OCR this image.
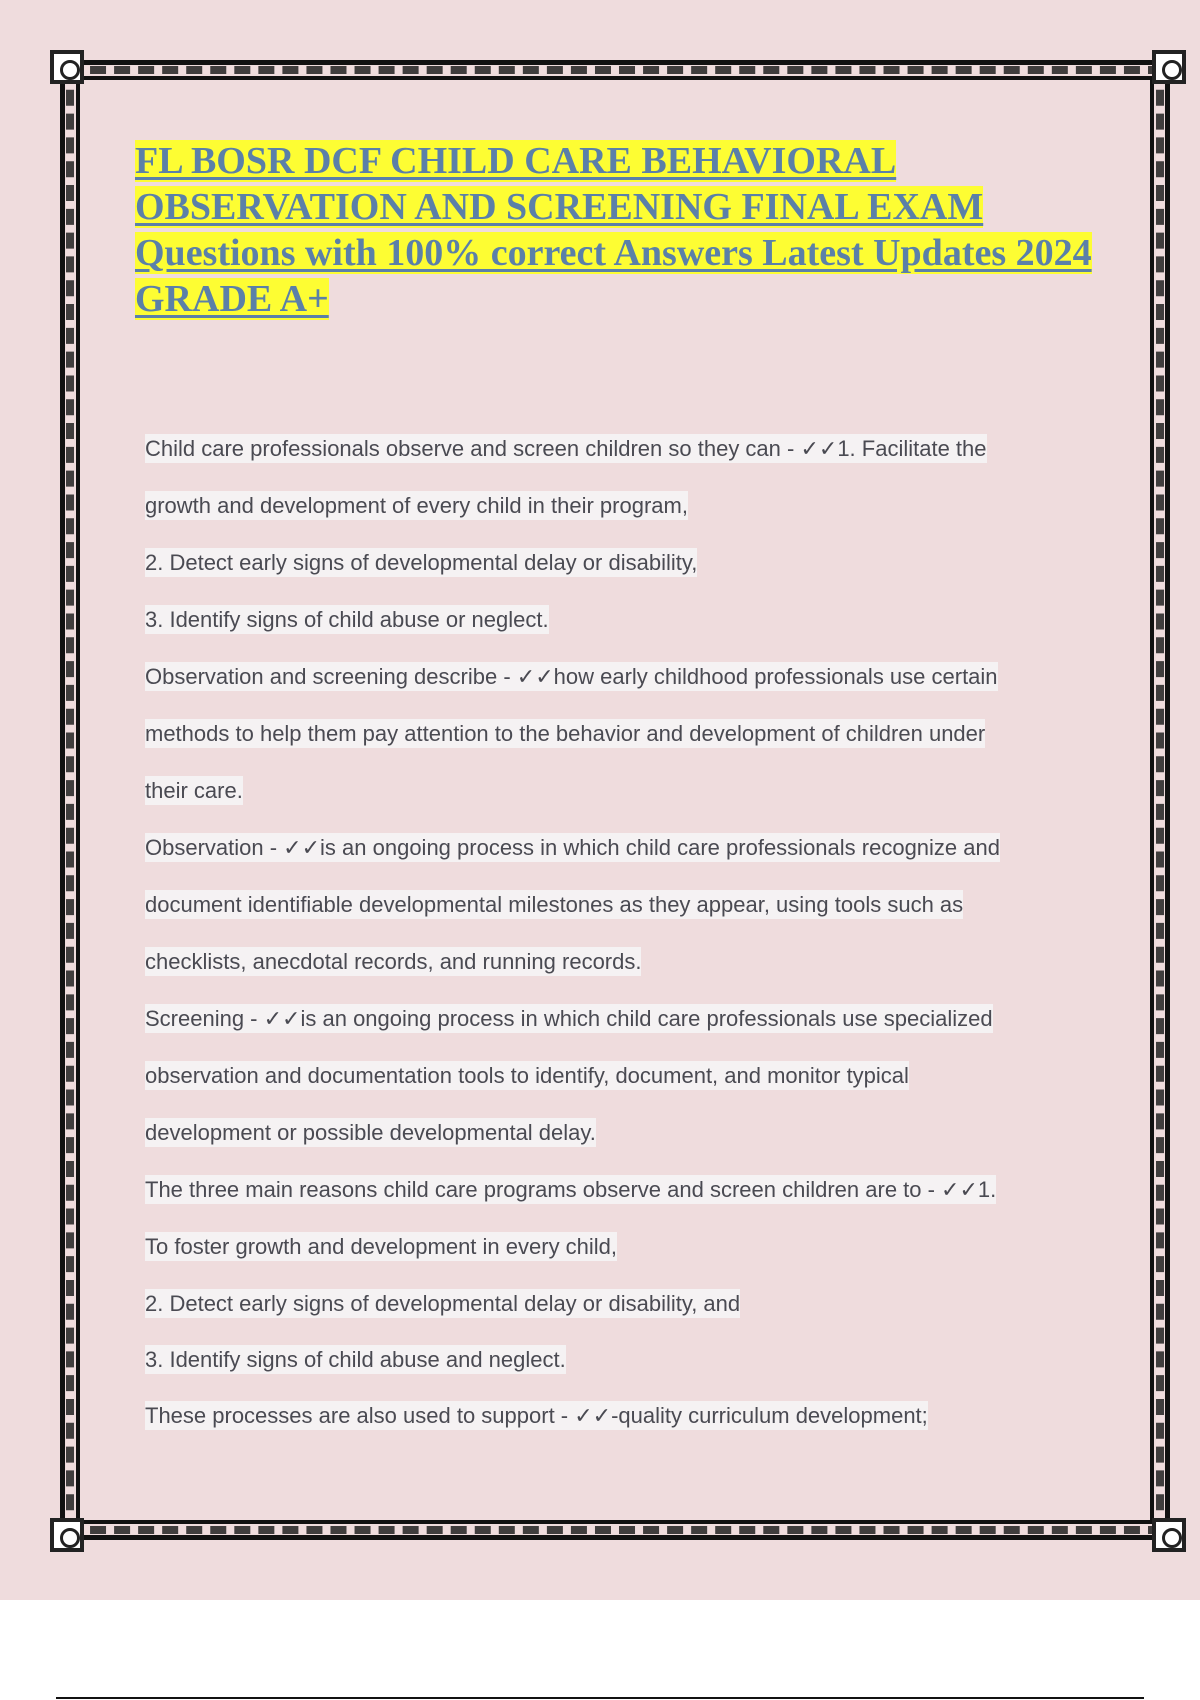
FL BOSR DCF CHILD CARE BEHAVIORAL OBSERVATION AND SCREENING FINAL EXAM Questions with 100% correct Answers Latest Updates 2024 GRADE A+
Child care professionals observe and screen children so they can - ✓✓1. Facilitate the
growth and development of every child in their program,
2. Detect early signs of developmental delay or disability,
3. Identify signs of child abuse or neglect.
Observation and screening describe - ✓✓how early childhood professionals use certain
methods to help them pay attention to the behavior and development of children under
their care.
Observation - ✓✓is an ongoing process in which child care professionals recognize and
document identifiable developmental milestones as they appear, using tools such as
checklists, anecdotal records, and running records.
Screening - ✓✓is an ongoing process in which child care professionals use specialized
observation and documentation tools to identify, document, and monitor typical
development or possible developmental delay.
The three main reasons child care programs observe and screen children are to - ✓✓1.
To foster growth and development in every child,
2. Detect early signs of developmental delay or disability, and
3. Identify signs of child abuse and neglect.
These processes are also used to support - ✓✓-quality curriculum development;
